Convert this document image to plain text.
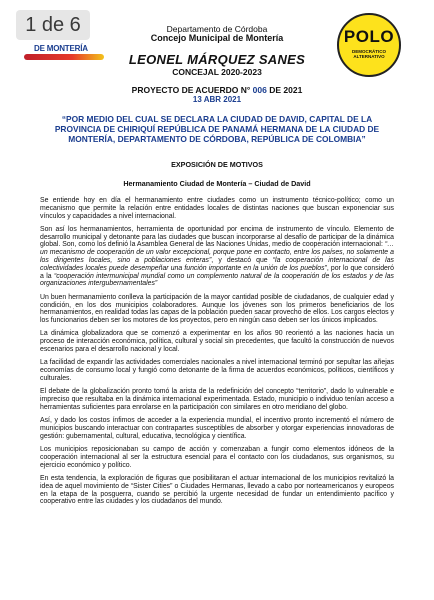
1 de 6
DE MONTERÍA
POLO
DEMOCRÁTICO ALTERNATIVO
Departamento de Córdoba
Concejo Municipal de Montería
LEONEL MÁRQUEZ SANES
CONCEJAL 2020-2023
PROYECTO DE ACUERDO N° 006 DE 2021
13 ABR 2021
“POR MEDIO DEL CUAL SE DECLARA LA CIUDAD DE DAVID, CAPITAL DE LA PROVINCIA DE CHIRIQUÍ REPÚBLICA DE PANAMÁ HERMANA DE LA CIUDAD DE MONTERÍA, DEPARTAMENTO DE CÓRDOBA, REPÚBLICA DE COLOMBIA”
EXPOSICIÓN DE MOTIVOS
Hermanamiento Ciudad de Montería – Ciudad de David

Se entiende hoy en día el hermanamiento entre ciudades como un instrumento técnico-político; como un mecanismo que permite la relación entre entidades locales de distintas naciones que buscan exponenciar sus vínculos y capacidades a nivel internacional.

Son así los hermanamientos, herramienta de oportunidad por encima de instrumento de vínculo. Elemento de desarrollo municipal y detonante para las ciudades que buscan incorporarse al desafío de participar de la dinámica global. Son, como los definió la Asamblea General de las Naciones Unidas, medio de cooperación internacional: “…un mecanismo de cooperación de un valor excepcional, porque pone en contacto, entre los países, no solamente a los dirigentes locales, sino a poblaciones enteras”, y destacó que “la cooperación internacional de las colectividades locales puede desempeñar una función importante en la unión de los pueblos”, por lo que consideró a la “cooperación intermunicipal mundial como un complemento natural de la cooperación de los estados y de las organizaciones intergubernamentales”

Un buen hermanamiento conlleva la participación de la mayor cantidad posible de ciudadanos, de cualquier edad y condición, en los dos municipios colaboradores. Aunque los jóvenes son los primeros beneficiarios de los hermanamientos, en realidad todas las capas de la población pueden sacar provecho de ellos. Los cargos electos y los funcionarios deben ser los motores de los proyectos, pero en ningún caso deben ser los únicos implicados.

La dinámica globalizadora que se comenzó a experimentar en los años 90 reorientó a las naciones hacia un proceso de interacción económica, política, cultural y social sin precedentes, que facultó la construcción de nuevos escenarios para el desarrollo nacional y local.

La facilidad de expandir las actividades comerciales nacionales a nivel internacional terminó por sepultar las añejas economías de consumo local y fungió como detonante de la firma de acuerdos económicos, políticos, científicos y culturales.

El debate de la globalización pronto tomó la arista de la redefinición del concepto “territorio”, dado lo vulnerable e impreciso que resultaba en la dinámica internacional experimentada. Estado, municipio o individuo tenían acceso a herramientas suficientes para enrolarse en la participación con similares en otro meridiano del globo.

Así, y dado los costos ínfimos de acceder a la experiencia mundial, el incentivo pronto incrementó el número de municipios buscando interactuar con contrapartes susceptibles de absorber y otorgar experiencias innovadoras de gestión: gubernamental, cultural, educativa, tecnológica y científica.

Los municipios reposicionaban su campo de acción y comenzaban a fungir como elementos idóneos de la cooperación internacional al ser la estructura esencial para el contacto con los ciudadanos, sus organismos, su ejercicio económico y político.

En esta tendencia, la exploración de figuras que posibilitaran el actuar internacional de los municipios revitalizó la idea de aquel movimiento de “Sister Cities” o Ciudades Hermanas, llevado a cabo por norteamericanos y europeos en la etapa de la posguerra, cuando se percibió la urgente necesidad de fundar un entendimiento pacífico y cooperativo entre las ciudades y los ciudadanos del mundo.
